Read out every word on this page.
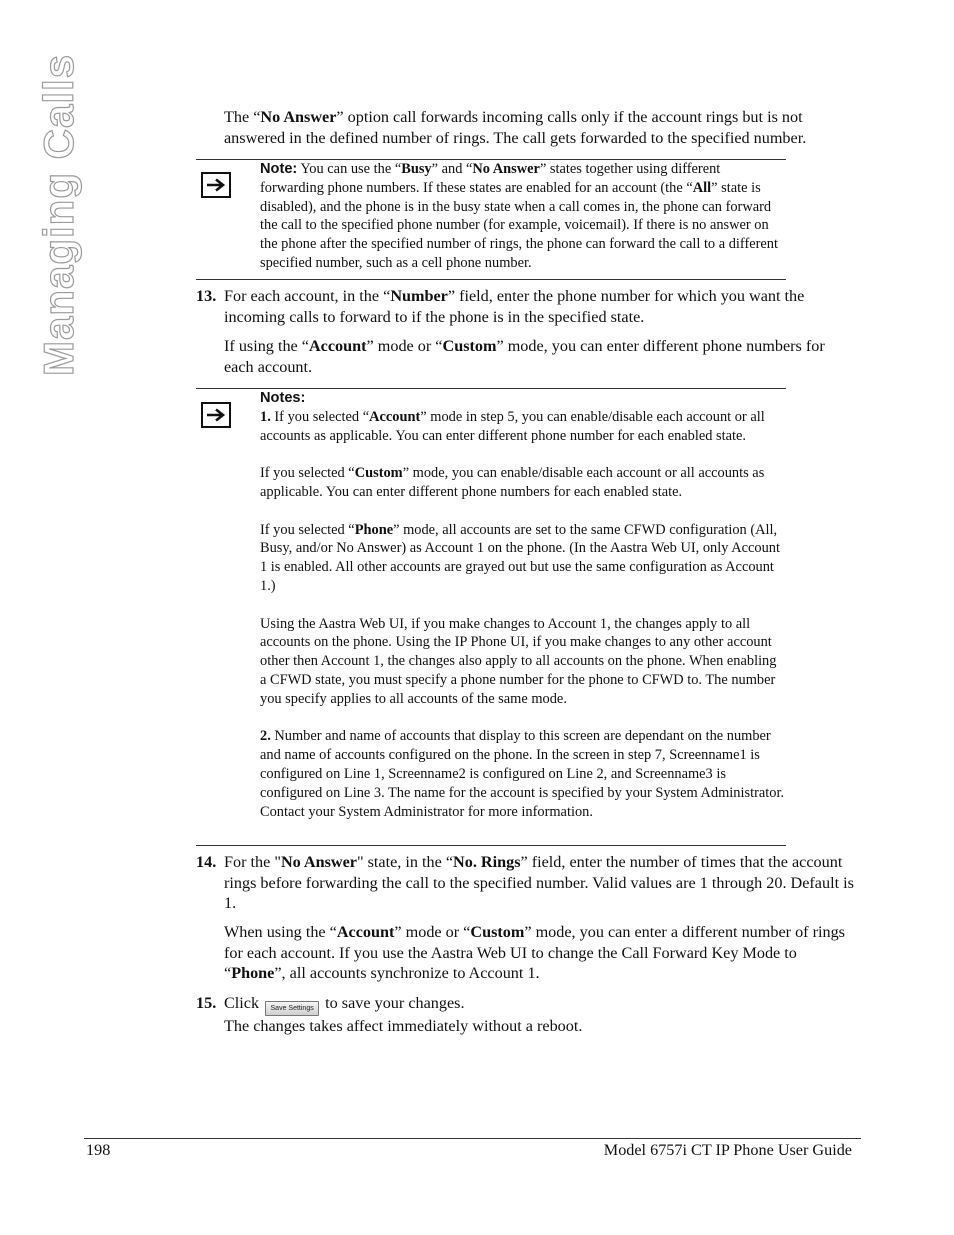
Managing Calls	The “No Answer” option call forwards incoming calls only if the account rings but is not answered in the defined number of rings. The call gets forwarded to the specified number.

Note: You can use the “Busy” and “No Answer” states together using different forwarding phone numbers. If these states are enabled for an account (the “All” state is disabled), and the phone is in the busy state when a call comes in, the phone can forward the call to the specified phone number (for example, voicemail). If there is no answer on the phone after the specified number of rings, the phone can forward the call to a different specified number, such as a cell phone number.

13. For each account, in the “Number” field, enter the phone number for which you want the incoming calls to forward to if the phone is in the specified state.

If using the “Account” mode or “Custom” mode, you can enter different phone numbers for each account.

Notes:

1. If you selected “Account” mode in step 5, you can enable/disable each account or all accounts as applicable. You can enter different phone number for each enabled state.

If you selected “Custom” mode, you can enable/disable each account or all accounts as applicable. You can enter different phone numbers for each enabled state.

If you selected “Phone” mode, all accounts are set to the same CFWD configuration (All, Busy, and/or No Answer) as Account 1 on the phone. (In the Aastra Web UI, only Account 1 is enabled. All other accounts are grayed out but use the same configuration as Account 1.)

Using the Aastra Web UI, if you make changes to Account 1, the changes apply to all accounts on the phone. Using the IP Phone UI, if you make changes to any other account other then Account 1, the changes also apply to all accounts on the phone. When enabling a CFWD state, you must specify a phone number for the phone to CFWD to. The number you specify applies to all accounts of the same mode.

2. Number and name of accounts that display to this screen are dependant on the number and name of accounts configured on the phone. In the screen in step 7, Screenname1 is configured on Line 1, Screenname2 is configured on Line 2, and Screenname3 is configured on Line 3. The name for the account is specified by your System Administrator. Contact your System Administrator for more information.

14. For the "No Answer" state, in the “No. Rings” field, enter the number of times that the account rings before forwarding the call to the specified number. Valid values are 1 through 20. Default is 1.

When using the “Account” mode or “Custom” mode, you can enter a different number of rings for each account. If you use the Aastra Web UI to change the Call Forward Key Mode to “Phone”, all accounts synchronize to Account 1.

15. Click Save Settings to save your changes.
The changes takes affect immediately without a reboot.

198	Model 6757i CT IP Phone User Guide
